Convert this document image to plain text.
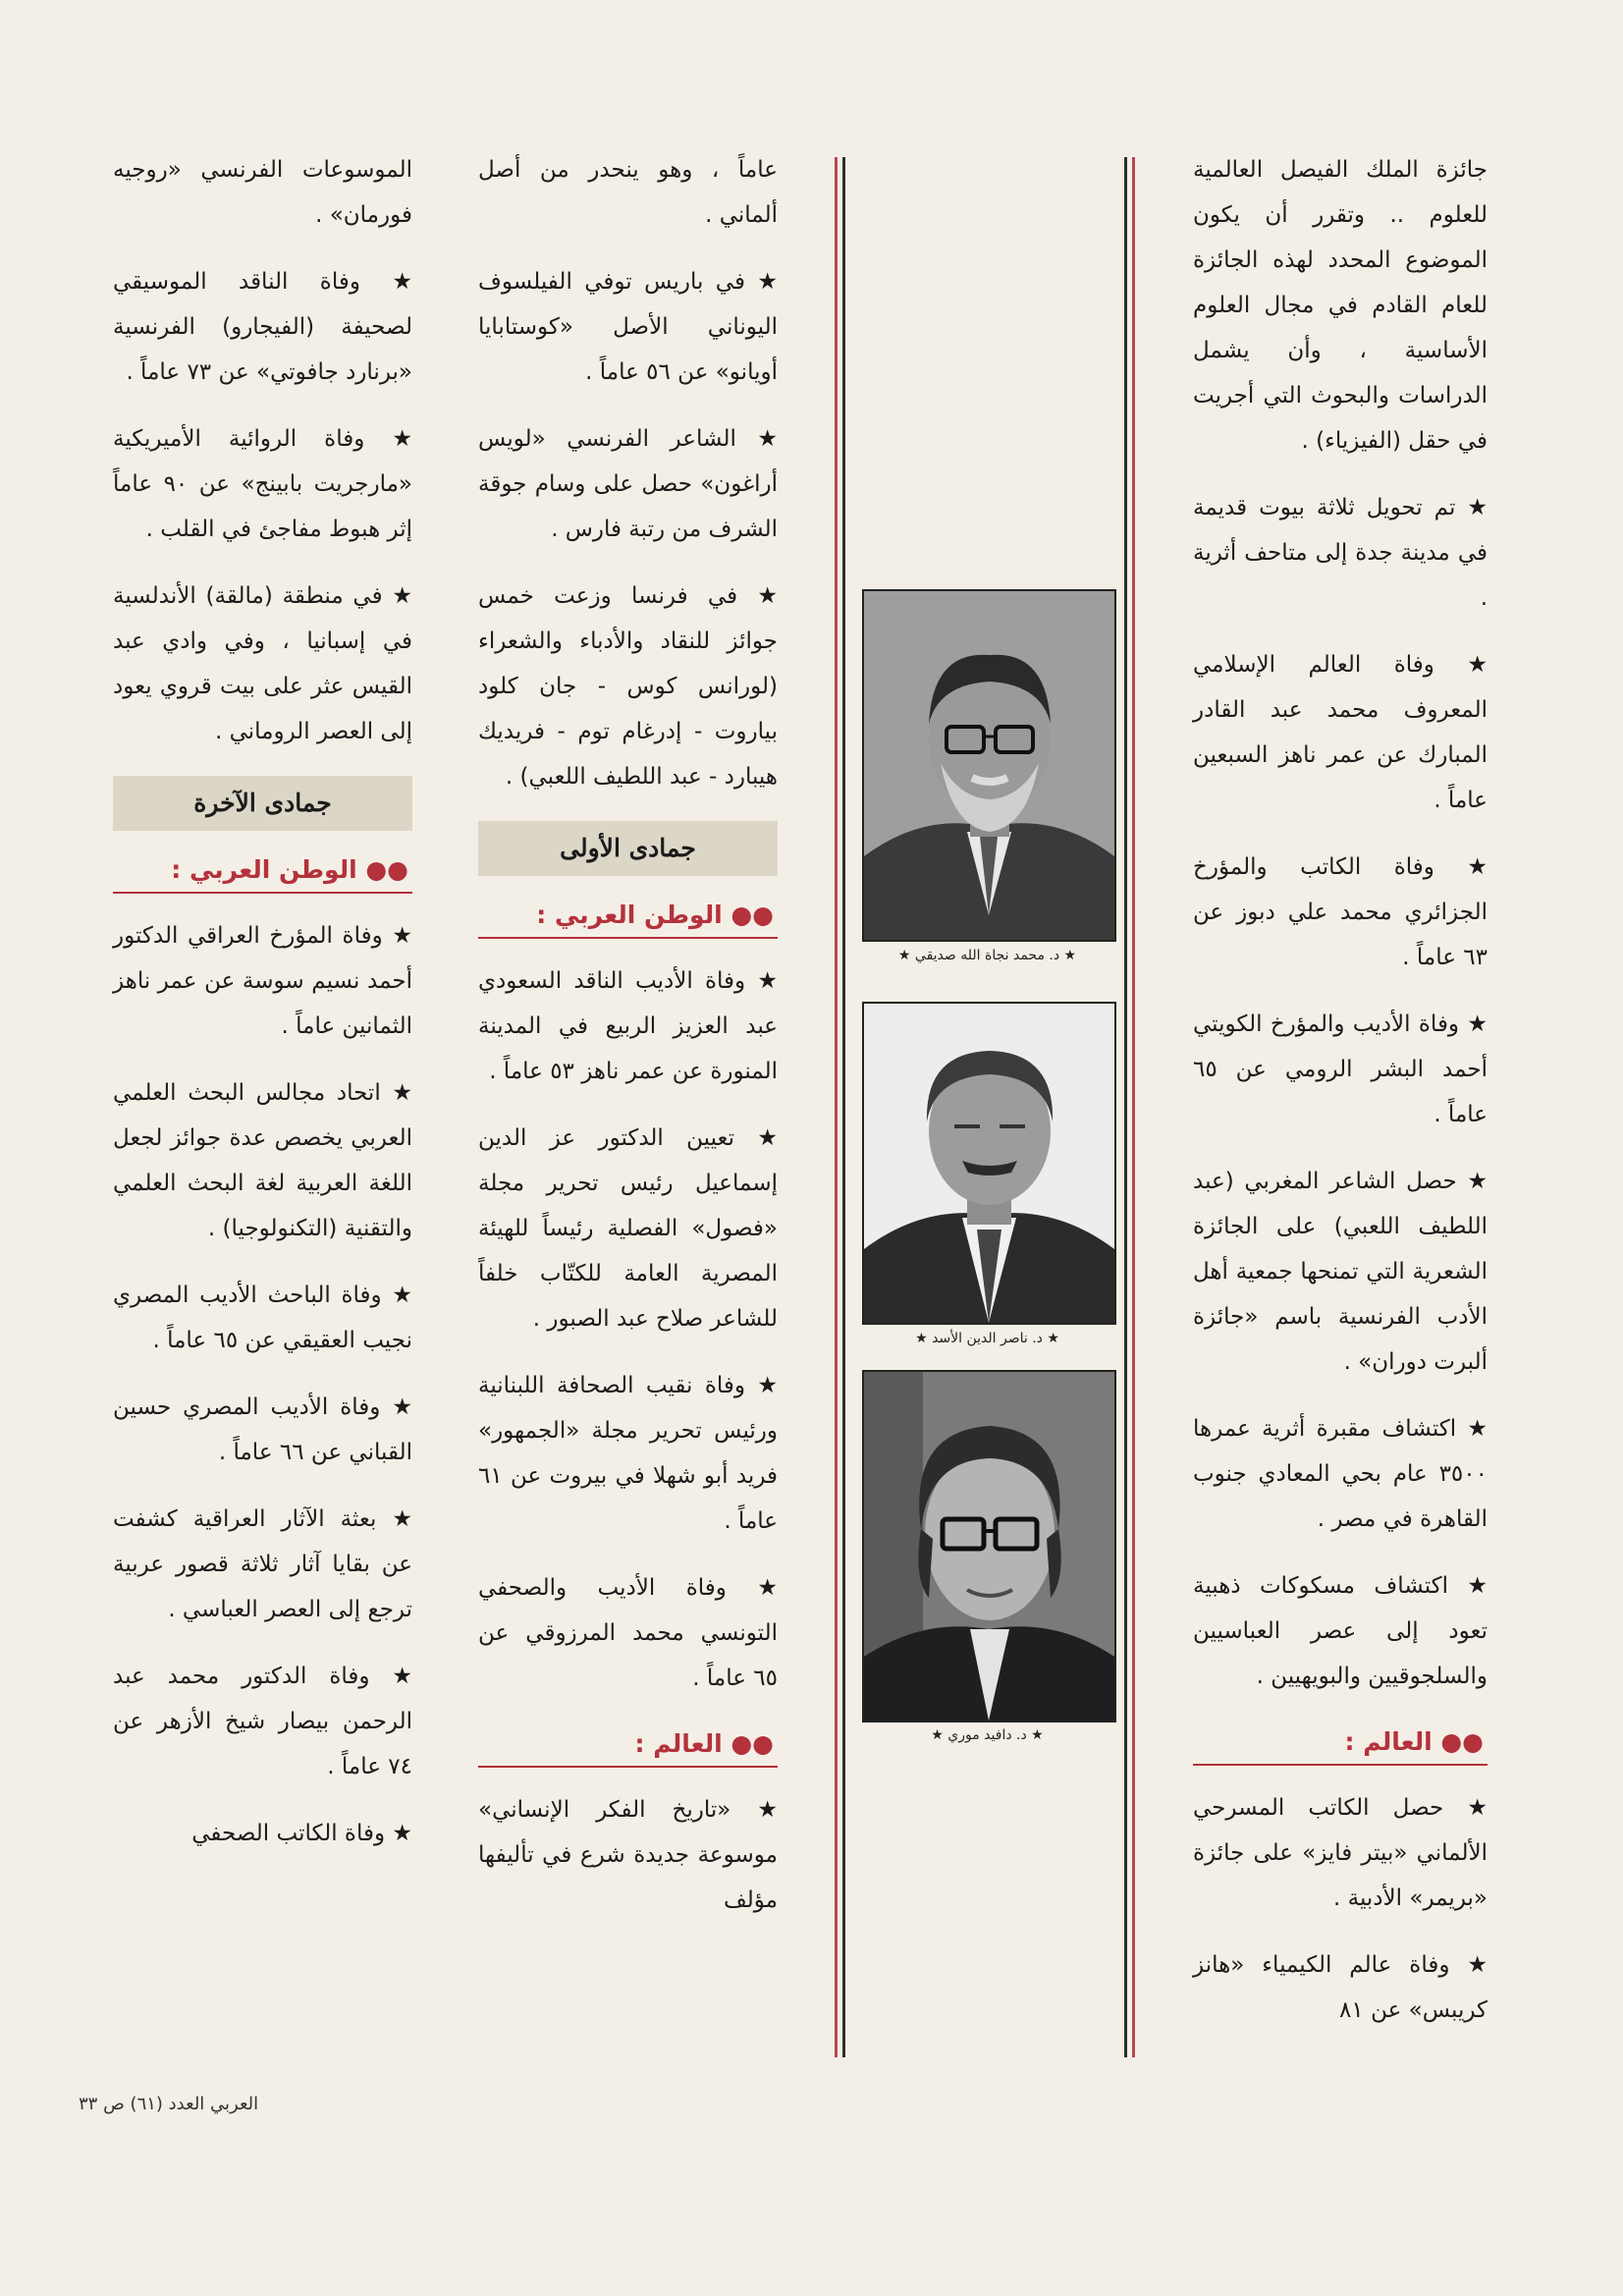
جائزة الملك الفيصل العالمية للعلوم .. وتقرر أن يكون الموضوع المحدد لهذه الجائزة للعام القادم في مجال العلوم الأساسية ، وأن يشمل الدراسات والبحوث التي أجريت في حقل (الفيزياء) .

★ تم تحويل ثلاثة بيوت قديمة في مدينة جدة إلى متاحف أثرية .

★ وفاة العالم الإسلامي المعروف محمد عبد القادر المبارك عن عمر ناهز السبعين عاماً .

★ وفاة الكاتب والمؤرخ الجزائري محمد علي دبوز عن ٦٣ عاماً .

★ وفاة الأديب والمؤرخ الكويتي أحمد البشر الرومي عن ٦٥ عاماً .

★ حصل الشاعر المغربي (عبد اللطيف اللعبي) على الجائزة الشعرية التي تمنحها جمعية أهل الأدب الفرنسية باسم «جائزة ألبرت دوران» .

★ اكتشاف مقبرة أثرية عمرها ٣٥٠٠ عام بحي المعادي جنوب القاهرة في مصر .

★ اكتشاف مسكوكات ذهبية تعود إلى عصر العباسيين والسلجوقيين والبويهيين .

●● العالم :

★ حصل الكاتب المسرحي الألماني «بيتر فايز» على جائزة «بريمر» الأدبية .

★ وفاة عالم الكيمياء «هانز كريبس» عن ٨١

★ د. محمد نجاة الله صديقي ★
★ د. ناصر الدين الأسد ★
★ د. دافيد موري ★

عاماً ، وهو ينحدر من أصل ألماني .

★ في باريس توفي الفيلسوف اليوناني الأصل «كوستابايا أويانو» عن ٥٦ عاماً .

★ الشاعر الفرنسي «لويس أراغون» حصل على وسام جوقة الشرف من رتبة فارس .

★ في فرنسا وزعت خمس جوائز للنقاد والأدباء والشعراء (لورانس كوس - جان كلود بياروت - إدرغام توم - فريديك هيبارد - عبد اللطيف اللعبي) .

جمادى الأولى
●● الوطن العربي :

★ وفاة الأديب الناقد السعودي عبد العزيز الربيع في المدينة المنورة عن عمر ناهز ٥٣ عاماً .

★ تعيين الدكتور عز الدين إسماعيل رئيس تحرير مجلة «فصول» الفصلية رئيساً للهيئة المصرية العامة للكتّاب خلفاً للشاعر صلاح عبد الصبور .

★ وفاة نقيب الصحافة اللبنانية ورئيس تحرير مجلة «الجمهور» فريد أبو شهلا في بيروت عن ٦١ عاماً .

★ وفاة الأديب والصحفي التونسي محمد المرزوقي عن ٦٥ عاماً .

●● العالم :

★ «تاريخ الفكر الإنساني» موسوعة جديدة شرع في تأليفها مؤلف

الموسوعات الفرنسي «روجيه فورمان» .

★ وفاة الناقد الموسيقي لصحيفة (الفيجارو) الفرنسية «برنارد جافوتي» عن ٧٣ عاماً .

★ وفاة الروائية الأميريكية «مارجريت بابينج» عن ٩٠ عاماً إثر هبوط مفاجئ في القلب .

★ في منطقة (مالقة) الأندلسية في إسبانيا ، وفي وادي عبد القيس عثر على بيت قروي يعود إلى العصر الروماني .

جمادى الآخرة
●● الوطن العربي :

★ وفاة المؤرخ العراقي الدكتور أحمد نسيم سوسة عن عمر ناهز الثمانين عاماً .

★ اتحاد مجالس البحث العلمي العربي يخصص عدة جوائز لجعل اللغة العربية لغة البحث العلمي والتقنية (التكنولوجيا) .

★ وفاة الباحث الأديب المصري نجيب العقيقي عن ٦٥ عاماً .

★ وفاة الأديب المصري حسين القباني عن ٦٦ عاماً .

★ بعثة الآثار العراقية كشفت عن بقايا آثار ثلاثة قصور عربية ترجع إلى العصر العباسي .

★ وفاة الدكتور محمد عبد الرحمن بيصار شيخ الأزهر عن ٧٤ عاماً .

★ وفاة الكاتب الصحفي

العربي العدد (٦١) ص ٣٣
